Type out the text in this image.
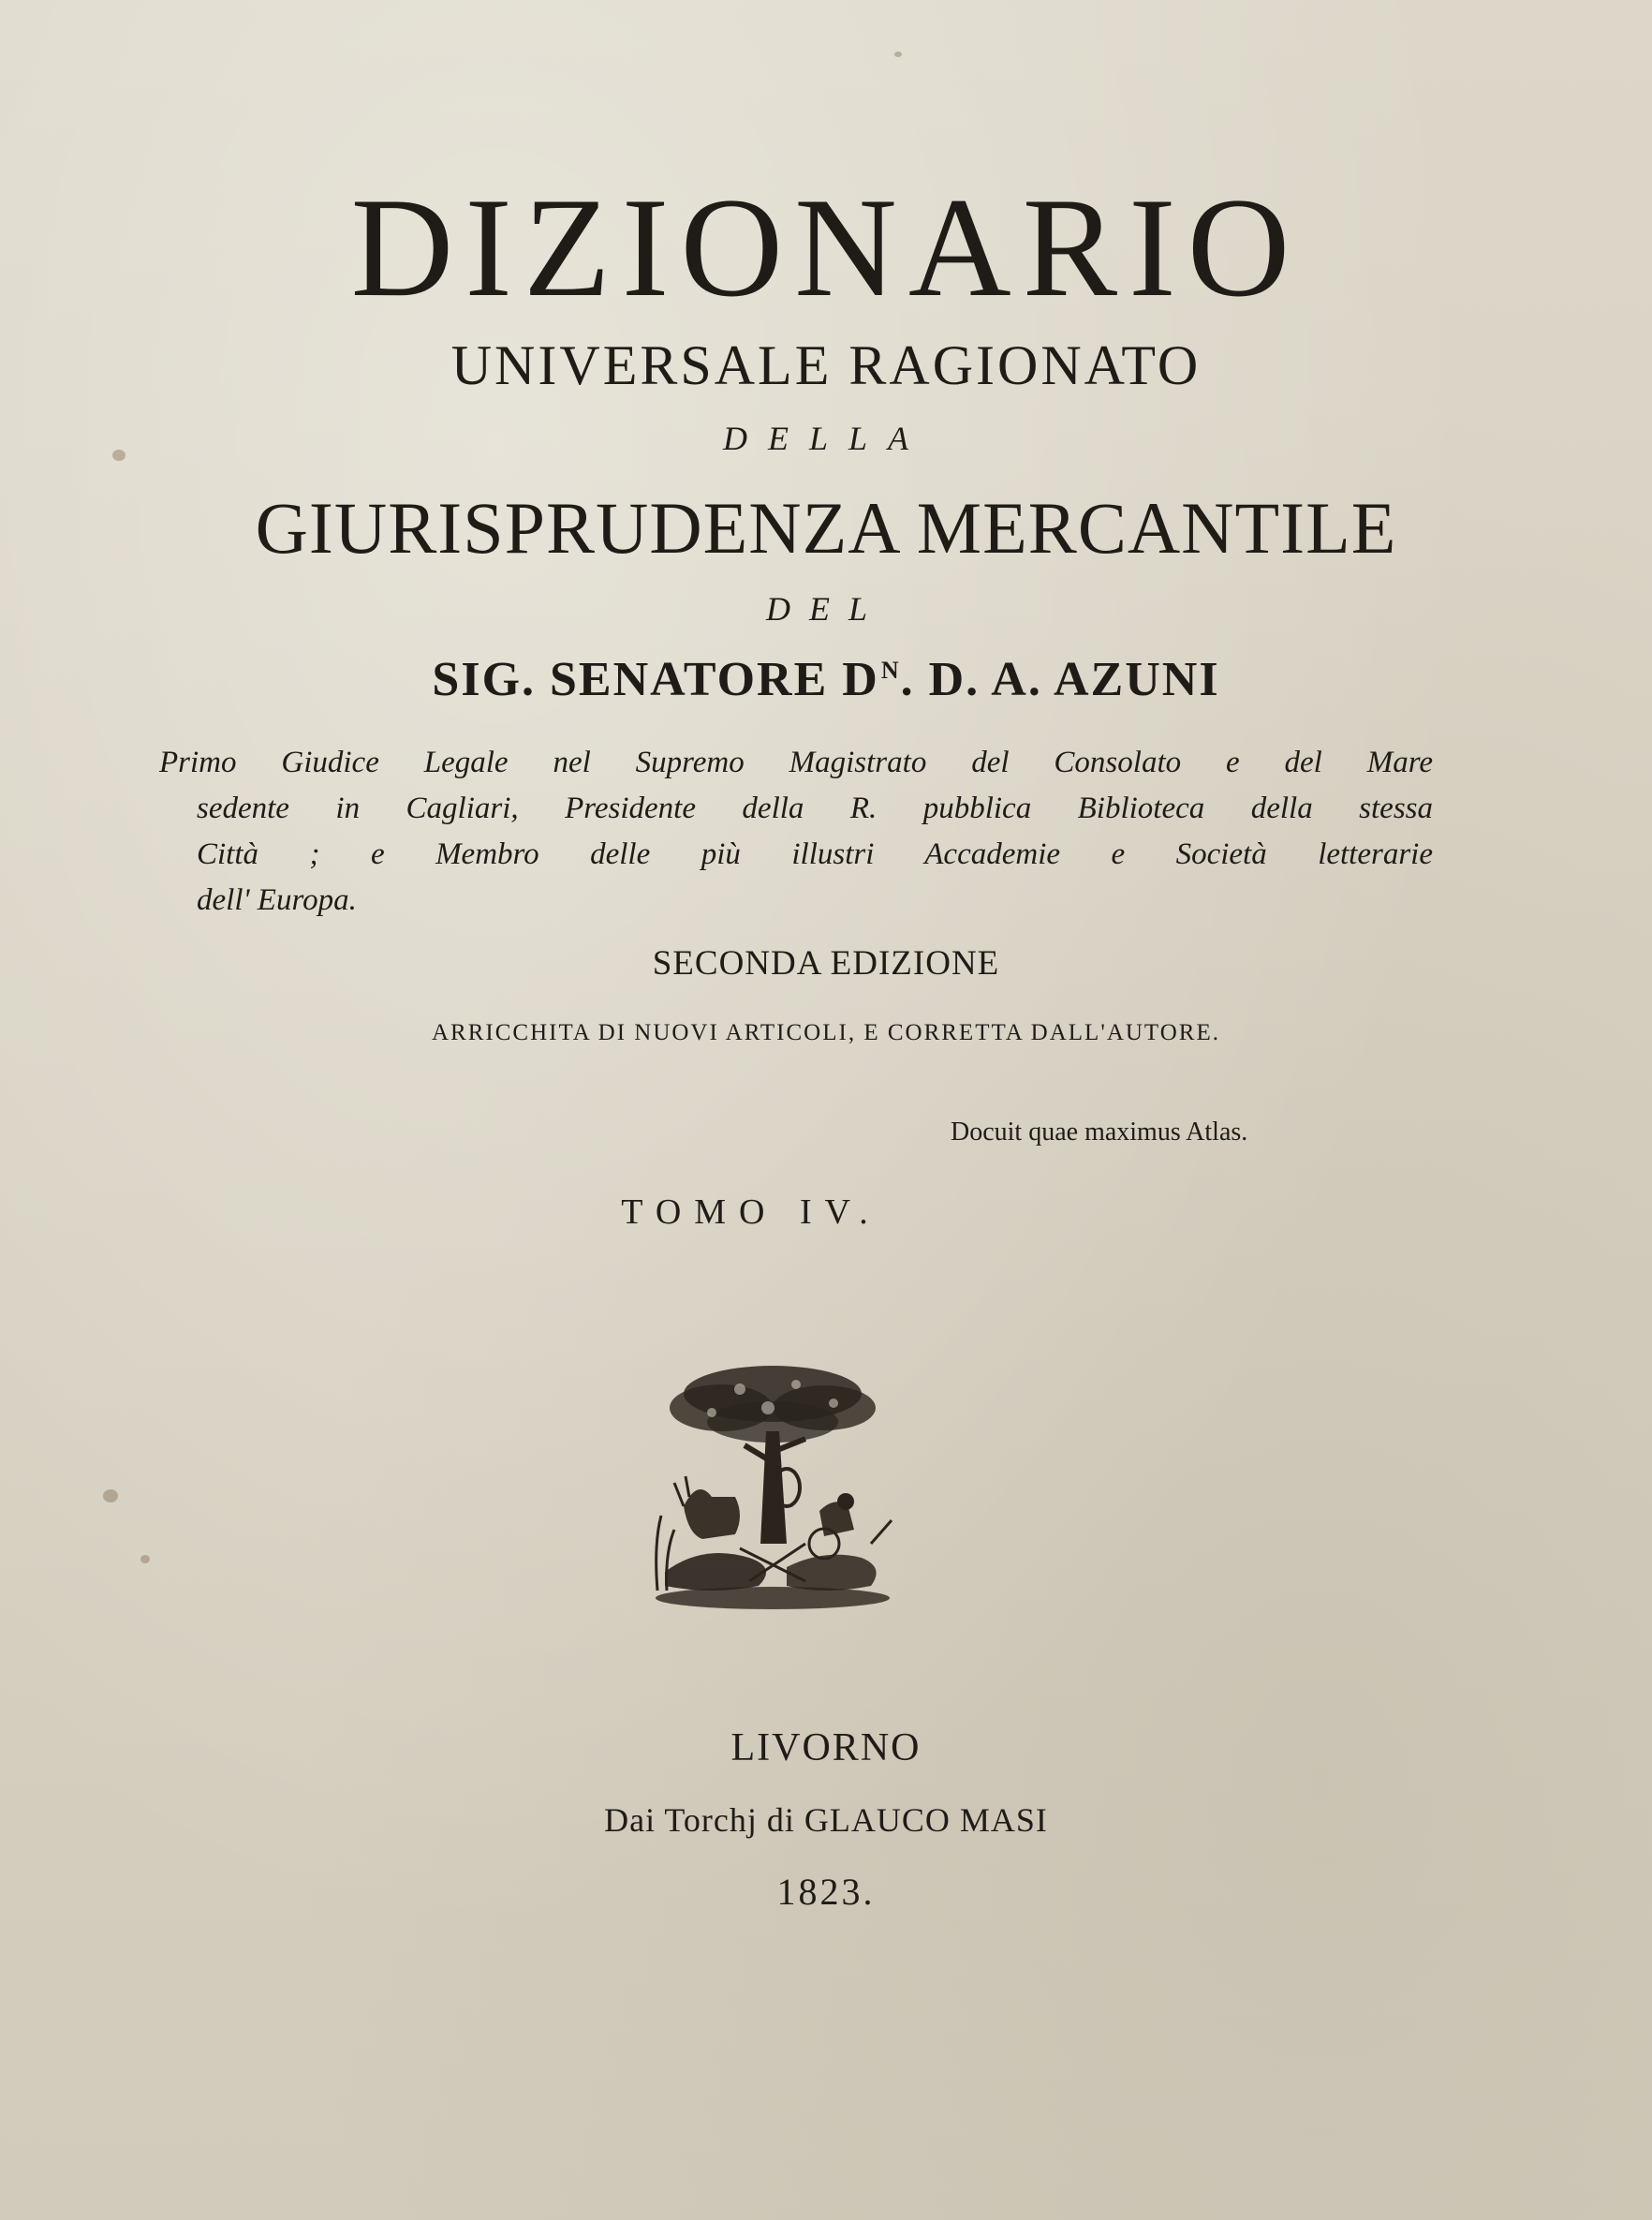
DIZIONARIO
UNIVERSALE RAGIONATO
DELLA
GIURISPRUDENZA MERCANTILE
DEL
SIG. SENATORE $D^N$. D. A. AZUNI
Primo Giudice Legale nel Supremo Magistrato del Consolato e del Mare
sedente in Cagliari, Presidente della R. pubblica Biblioteca della stessa
Città ; e Membro delle più illustri Accademie e Società letterarie
dell' Europa.
SECONDA EDIZIONE
ARRICCHITA DI NUOVI ARTICOLI, E CORRETTA DALL'AUTORE.
Docuit quae maximus Atlas.
TOMO IV.
LIVORNO
Dai Torchj di GLAUCO MASI
1823.
